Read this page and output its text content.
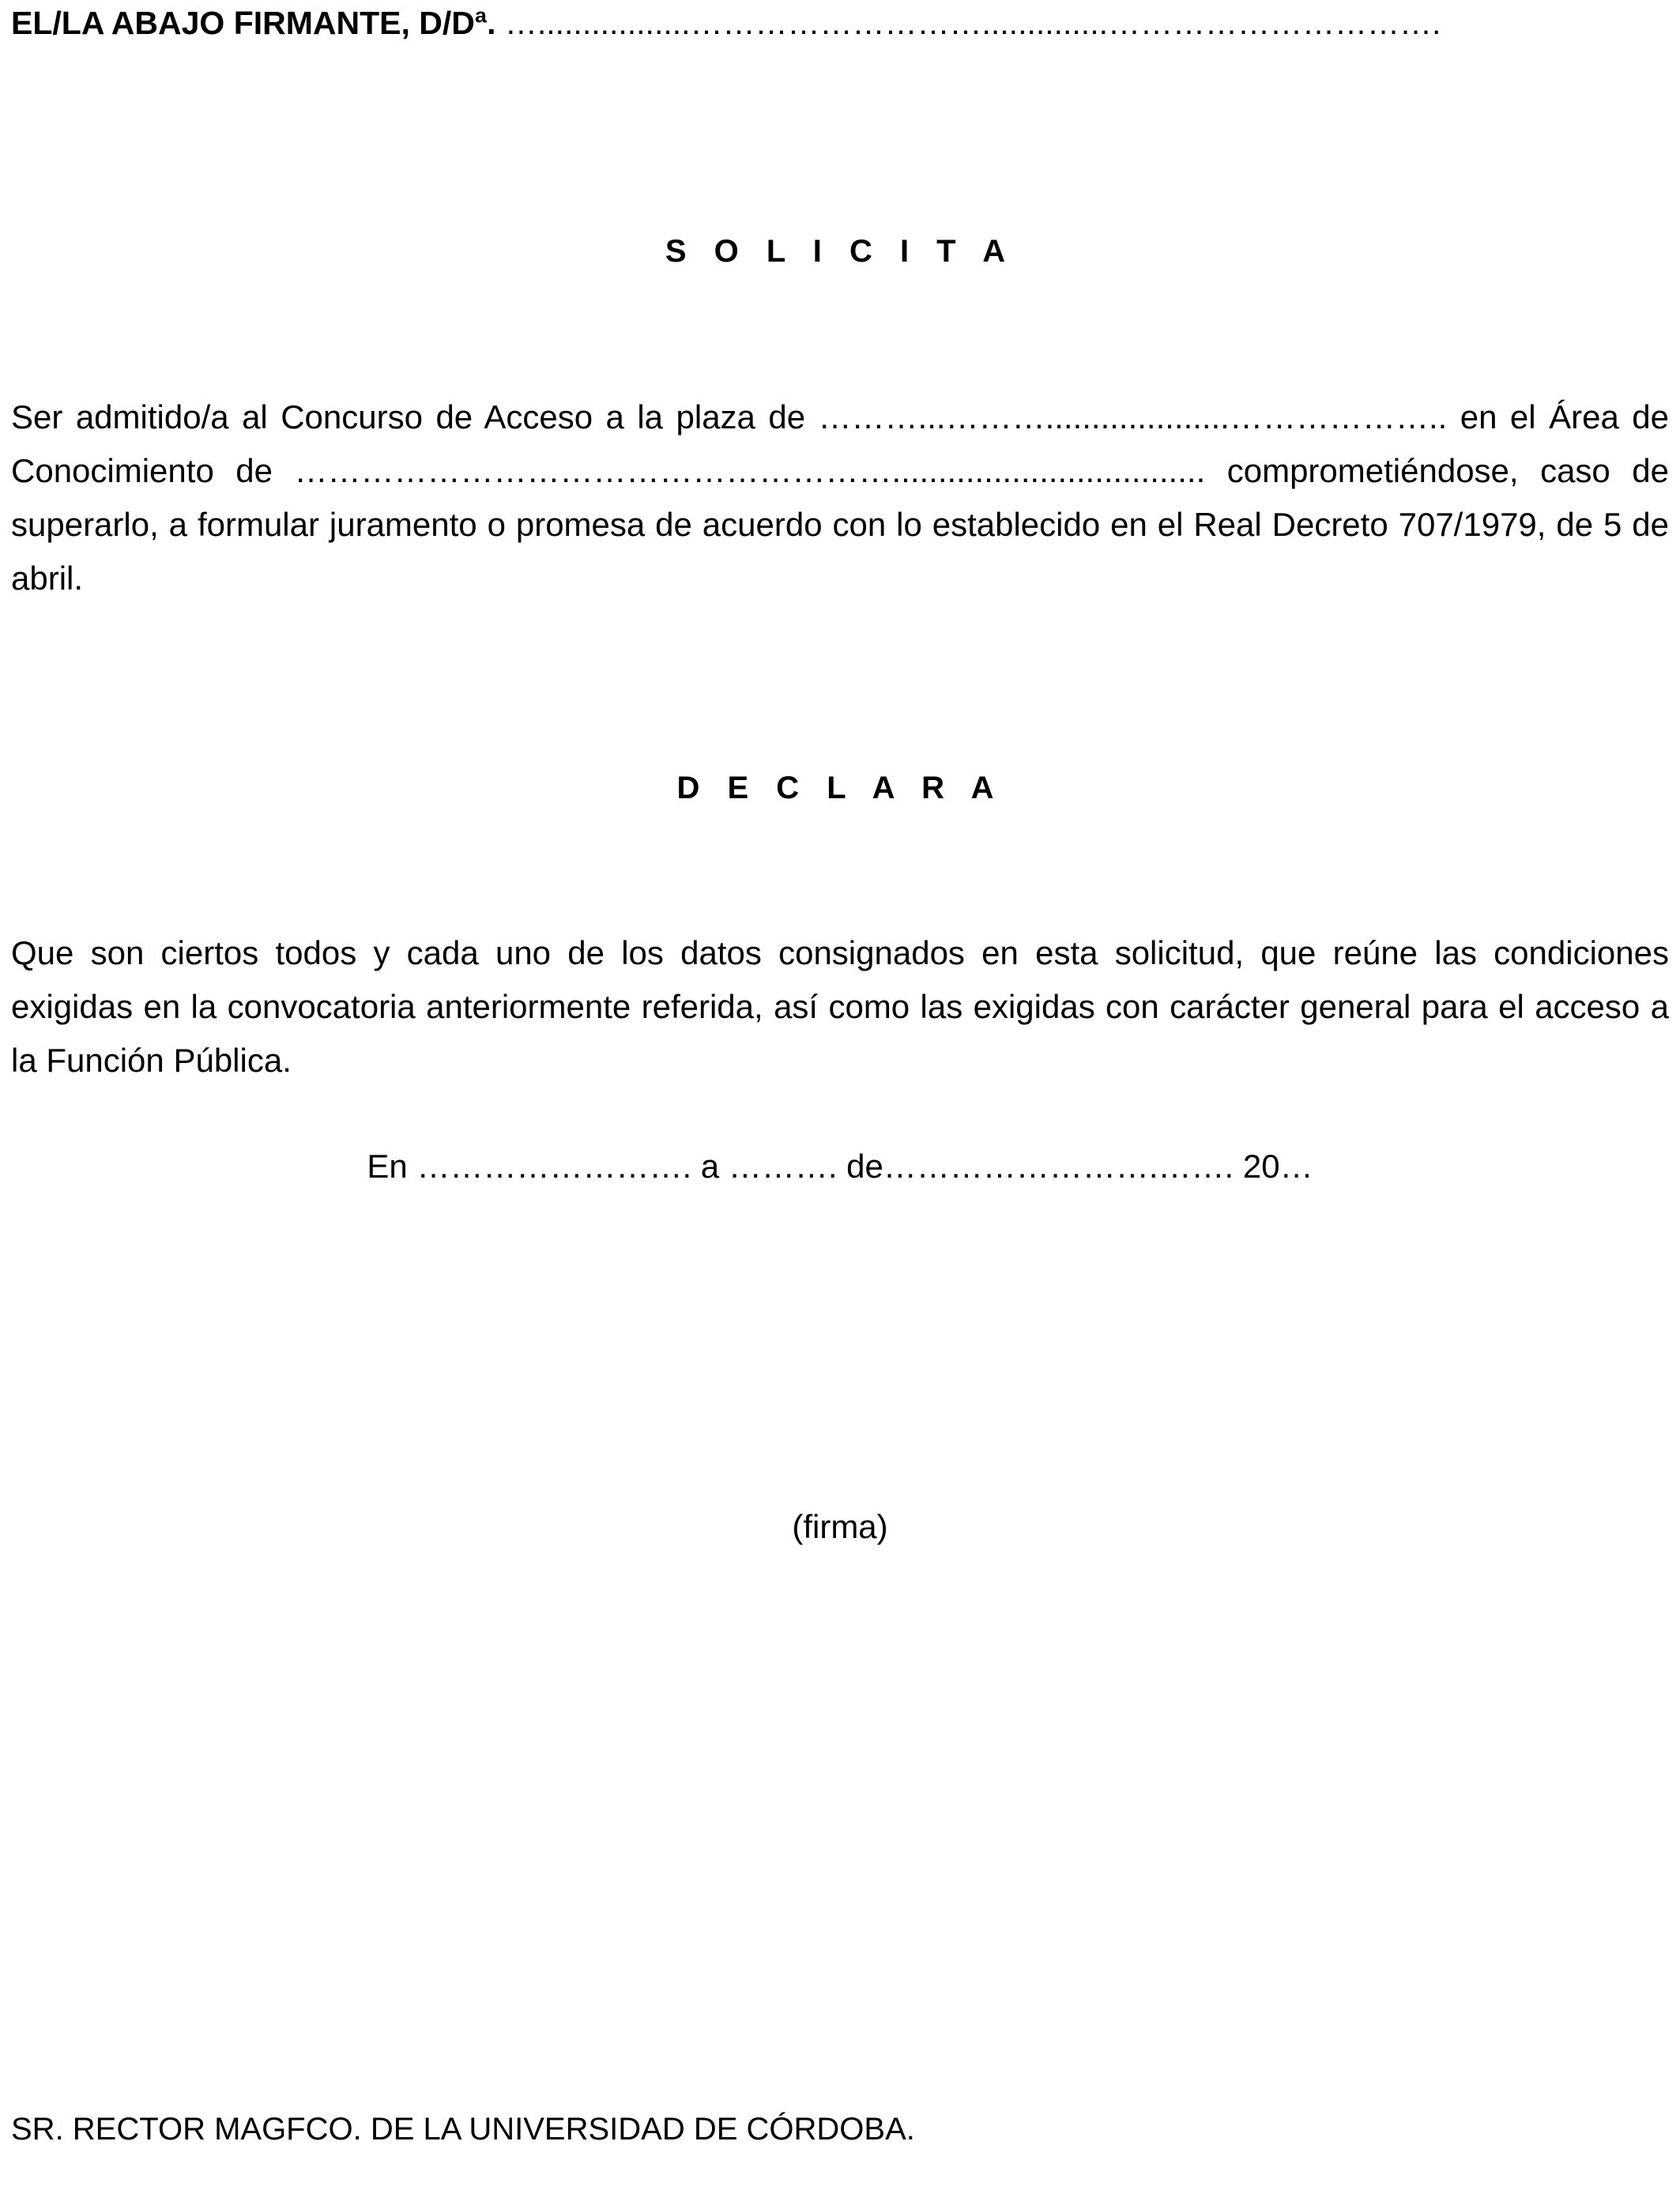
EL/LA ABAJO FIRMANTE, D/Dª. ….................………………………..............………………………….
S O L I C I T A
Ser admitido/a al Concurso de Acceso a la plaza de ………...………....................……………….. en el Área de Conocimiento de ……………………………………………….................................. comprometiéndose, caso de superarlo, a formular juramento o promesa de acuerdo con lo establecido en el Real Decreto 707/1979, de 5 de abril.
D E C L A R A
Que son ciertos todos y cada uno de los datos consignados en esta solicitud, que reúne las condiciones exigidas en la convocatoria anteriormente referida, así como las exigidas con carácter general para el acceso a la Función Pública.
En ……………………. a ………. de…………………….……. 20…
(firma)
SR. RECTOR MAGFCO. DE LA UNIVERSIDAD DE CÓRDOBA.
